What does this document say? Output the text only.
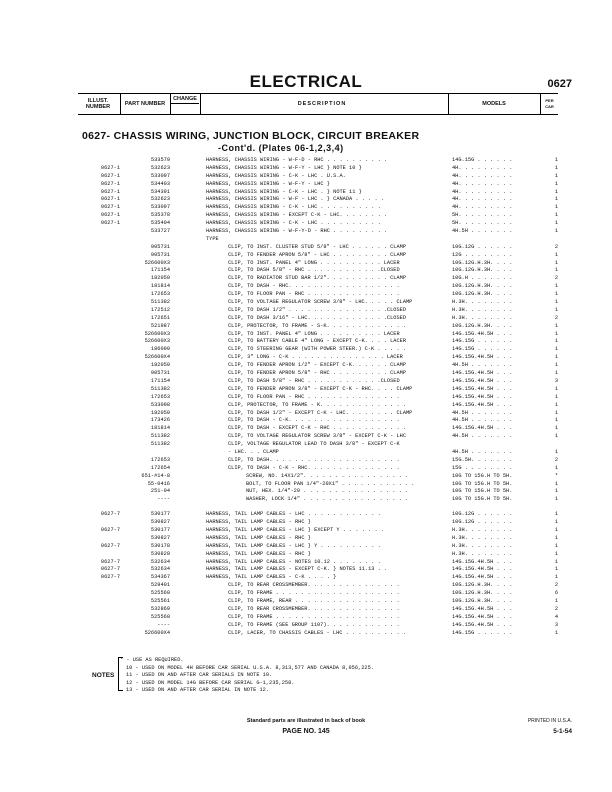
ELECTRICAL	0627
ILLUST. NUMBER	PART NUMBER
CHANGE
DESCRIPTION	MODELS
PER CAR
0627- CHASSIS WIRING, JUNCTION BLOCK, CIRCUIT BREAKER
-Cont'd. (Plates 06-1,2,3,4)
533579	HARNESS, CHASSIS WIRING - W-F-D - RHC . . . . . . . . . .	14G.15G . . . . . .	1
0627-1	532623	HARNESS, CHASSIS WIRING - W-F-Y - LHC } NOTE 10 }	4H. . . . . . . . .	1
0627-1	533097	HARNESS, CHASSIS WIRING - C-K - LHC . U.S.A.	4H. . . . . . . . .	1
0627-1	534403	HARNESS, CHASSIS WIRING - W-F-Y - LHC }	4H. . . . . . . . .	1
0627-1	534391	HARNESS, CHASSIS WIRING - C-K - LHC . } NOTE 11 }	4H. . . . . . . . .	1
0627-1	532623	HARNESS, CHASSIS WIRING - W-F - LHC . } CANADA . . . . .	4H. . . . . . . . .	1
0627-1	533097	HARNESS, CHASSIS WIRING - C-K - LHC . . . . . . . . . .	4H. . . . . . . . .	1
0627-1	535378	HARNESS, CHASSIS WIRING - EXCEPT C-K - LHC. . . . . . . .	5H. . . . . . . . .	1
0627-1	535404	HARNESS, CHASSIS WIRING - C-K - LHC . . . . . . . . . .	5H. . . . . . . . .	1
533727	HARNESS, CHASSIS WIRING - W-F-Y-D - RHC . . . . . . . . .	4H.5H . . . . . . .	1
TYPE
905731	CLIP, TO INST. CLUSTER STUD 5/8" - LHC . . . . . . CLAMP	10G.12G . . . . . .	2
905731	CLIP, TO FENDER APRON 5/8" - LHC . . . . . . . . . CLAMP	12G . . . . . . . .	1
526600X3	CLIP, TO INST. PANEL 4" LONG . . . . . . . . . . LACER	10G.12G.H.3H. . . .	1
171154	CLIP, TO DASH 5/8" - RHC . . . . . . . . . . . .CLOSED	10G.12G.H.3H. . . .	1
182050	CLIP, TO RADIATOR STUD BAR 1/2". . . . . . . . . . CLAMP	10G.H . . . . . . .	2
181814	CLIP, TO DASH - RHC. . . . . . . . . . . . . . . . . .	10G.12G.H.3H. . . .	1
172653	CLIP, TO FLOOR PAN - RHC . . . . . . . . . . . . . . .	10G.12G.H.3H. . . .	1
511382	CLIP, TO VOLTAGE REGULATOR SCREW 3/8" - LHC. . . . . CLAMP	H.3H. . . . . . . .	1
172512	CLIP, TO DASH 1/2" . . . . . . . . . . . . . . . .CLOSED	H.3H. . . . . . . .	1
172651	CLIP, TO DASH 3/16" - LHC. . . . . . . . . . . . .CLOSED	H.3H. . . . . . . .	2
521987	CLIP, PROTECTOR, TO FRAME - S-K. . . . . . . . . . . . .	10G.12G.H.3H. . . .	1
526600X3	CLIP, TO INST. PANEL 4" LONG . . . . . . . . . . LACER	14G.15G.4H.5H . . .	1
526600X3	CLIP, TO BATTERY CABLE 4" LONG - EXCEPT C-K. . . . LACER	14G.15G . . . . . .	1
186090	CLIP, TO STEERING GEAR (WITH POWER STEER.) C-K . . . . .	14G.15G . . . . . .	1
526600X4	CLIP, 3" LONG - C-K . . . . . . . . . . . . . . . LACER	14G.15G.4H.5H . . .	1
182050	CLIP, TO FENDER APRON 1/2" - EXCEPT C-K. . . . . . CLAMP	4H.5H . . . . . . .	1
905731	CLIP, TO FENDER APRON 5/8" - RHC . . . . . . . . . CLAMP	14G.15G.4H.5H . . .	1
171154	CLIP, TO DASH 5/8" - RHC . . . . . . . . . . . .CLOSED	14G.15G.4H.5H . . .	3
511382	CLIP, TO FENDER APRON 3/8" - EXCEPT C-K - RHC. . . . CLAMP	14G.15G.4H.5H . . .	1
172653	CLIP, TO FLOOR PAN - RHC . . . . . . . . . . . . . . .	14G.15G.4H.5H . . .	1
533098	CLIP, PROTECTOR, TO FRAME - K. . . . . . . . . . . . . .	14G.15G.4H.5H . . .	1
182050	CLIP, TO DASH 1/2" - EXCEPT C-K - LHC. . . . . . . . CLAMP	4H.5H . . . . . . .	1
173426	CLIP, TO DASH - C-K. . . . . . . . . . . . . . . . . .	4H.5H . . . . . . .	1
181814	CLIP, TO DASH - EXCEPT C-K - RHC . . . . . . . . . . . .	14G.15G.4H.5H . . .	1
511382	CLIP, TO VOLTAGE REGULATOR SCREW 3/8" - EXCEPT C-K - LHC	4H.5H . . . . . . .	1
511382	CLIP, VOLTAGE REGULATOR LEAD TO DASH 3/8" - EXCEPT C-K
- LHC. . . CLAMP	4H.5H . . . . . . .	1
172653	CLIP, TO DASH. . . . . . . . . . . . . . . . . . . . .	15G.5H. . . . . . .	2
172654	CLIP, TO DASH - C-K - RHC. . . . . . . . . . . . . . .	15G . . . . . . . .	1
651-#14-8	SCREW, NO. 14X1/2". . . . . . . . . . . . . . . . .	10G TO 15G.H TO 5H.	*
55-0416	BOLT, TO FLOOR PAN 1/4"-20X1" . . . . . . . . . . . .	10G TO 15G.H TO 5H.	1
251-04	NUT, HEX. 1/4"-20 . . . . . . . . . . . . . . . . .	10G TO 15G.H TO 5H.	1
----	WASHER, LOCK 1/4" . . . . . . . . . . . . . . . . .	10G TO 15G.H TO 5H.	1
0627-7	530177	HARNESS, TAIL LAMP CABLES - LHC . . . . . . . . . . . .	10G.12G . . . . . .	1
530827	HARNESS, TAIL LAMP CABLES - RHC }	10G.12G . . . . . .	1
0627-7	530177	HARNESS, TAIL LAMP CABLES - LHC } EXCEPT Y . . . . . . .	H.3H. . . . . . . .	1
530827	HARNESS, TAIL LAMP CABLES - RHC }	H.3H. . . . . . . .	1
0627-7	530178	HARNESS, TAIL LAMP CABLES - LHC } Y . . . . . . . . . .	H.3H. . . . . . . .	1
530828	HARNESS, TAIL LAMP CABLES - RHC }	H.3H. . . . . . . .	1
0627-7	532634	HARNESS, TAIL LAMP CABLES - NOTES 10.12 . . . . . . . .	14G.15G.4H.5H . . .	1
0627-7	532634	HARNESS, TAIL LAMP CABLES - EXCEPT C-K. } NOTES 11.13 . .	14G.15G.4H.5H . . .	1
0627-7	534367	HARNESS, TAIL LAMP CABLES - C-K . . . . }	14G.15G.4H.5H . . .	1
529401	CLIP, TO REAR CROSSMEMBER. . . . . . . . . . . . . . .	10G.12G.H.3H. . . .	2
525560	CLIP, TO FRAME . . . . . . . . . . . . . . . . . . . .	10G.12G.H.3H. . . .	6
525561	CLIP, TO FRAME, REAR . . . . . . . . . . . . . . . . .	10G.12G.H.3H. . . .	1
532869	CLIP, TO REAR CROSSMEMBER. . . . . . . . . . . . . . .	14G.15G.4H.5H . . .	2
525560	CLIP, TO FRAME . . . . . . . . . . . . . . . . . . . .	14G.15G.4H.5H . . .	4
----	CLIP, TO FRAME (SEE GROUP 1107). . . . . . . . . . . .	14G.15G.4H.5H . . .	3
526600X4	CLIP, LACER, TO CHASSIS CABLES - LHC . . . . . . . . . .	14G.15G . . . . . .	1
NOTES
* - USE AS REQUIRED.
10 - USED ON MODEL 4H BEFORE CAR SERIAL U.S.A. 8,313,577 AND CANADA 8,956,225.
11 - USED ON AND AFTER CAR SERIALS IN NOTE 10.
12 - USED ON MODEL 14G BEFORE CAR SERIAL G-1,235,258.
13 - USED ON AND AFTER CAR SERIAL IN NOTE 12.
Standard parts are illustrated in back of book
PAGE NO. 145
PRINTED IN U.S.A.
5-1-54
